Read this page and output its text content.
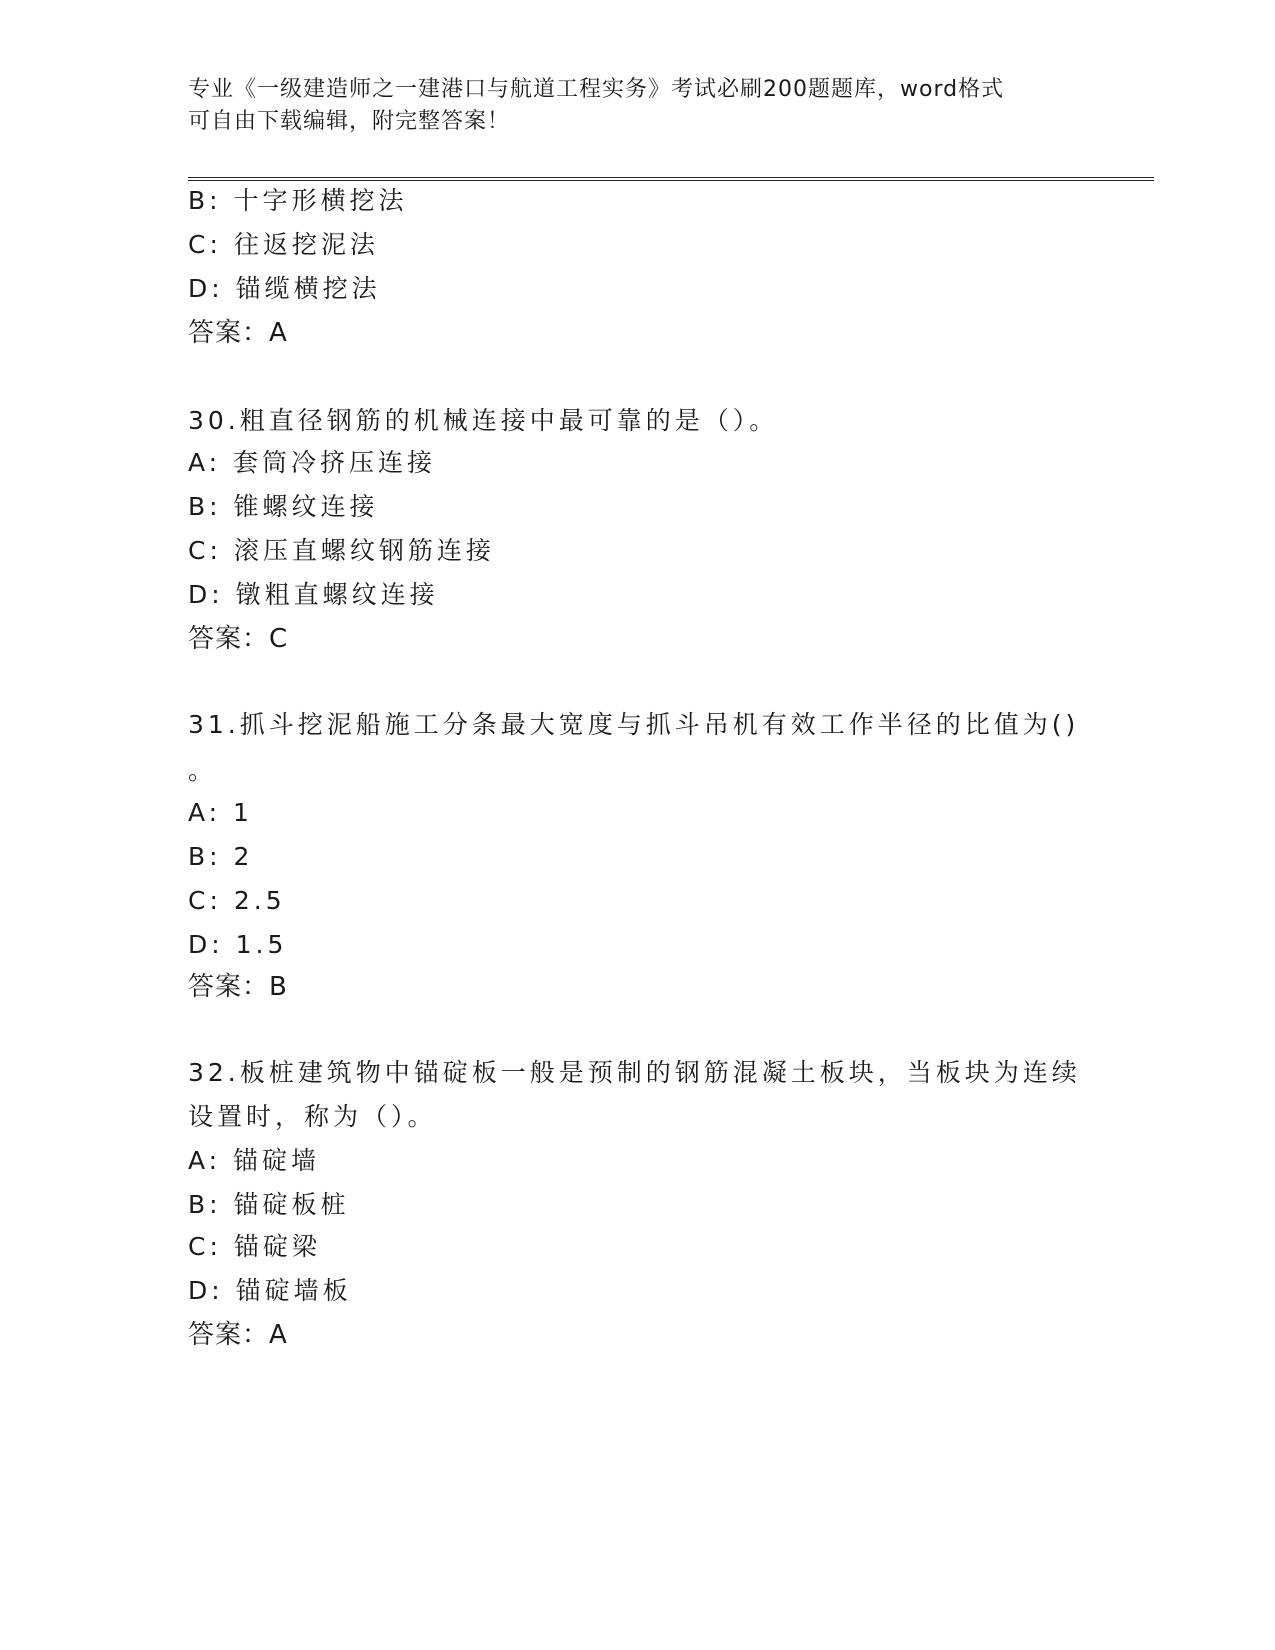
专业《一级建造师之一建港口与航道工程实务》考试必刷200题题库，word格式
可自由下载编辑，附完整答案！
B: 十字形横挖法
C: 往返挖泥法
D: 锚缆横挖法
答案：A
30.粗直径钢筋的机械连接中最可靠的是（）。
A: 套筒冷挤压连接
B: 锥螺纹连接
C: 滚压直螺纹钢筋连接
D: 镦粗直螺纹连接
答案：C
31.抓斗挖泥船施工分条最大宽度与抓斗吊机有效工作半径的比值为()
。
A: 1
B: 2
C: 2.5
D: 1.5
答案：B
32.板桩建筑物中锚碇板一般是预制的钢筋混凝土板块，当板块为连续
设置时，称为（）。
A: 锚碇墙
B: 锚碇板桩
C: 锚碇梁
D: 锚碇墙板
答案：A
